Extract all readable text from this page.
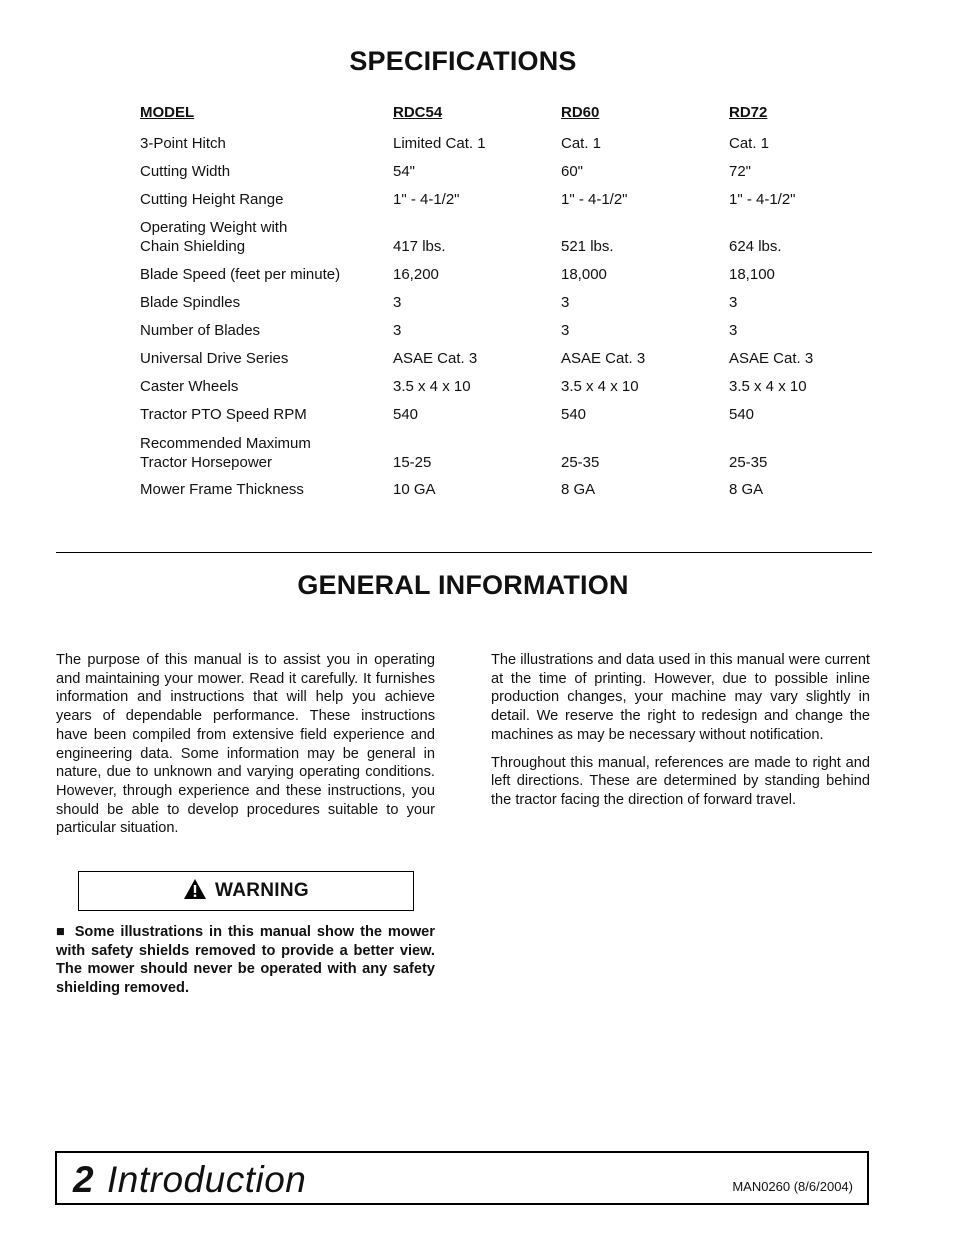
SPECIFICATIONS
MODEL	RDC54	RD60	RD72
3-Point Hitch	Limited Cat. 1	Cat. 1	Cat. 1
Cutting Width	54"	60"	72"
Cutting Height Range	1" - 4-1/2"	1" - 4-1/2"	1" - 4-1/2"
Operating Weight with
Chain Shielding	417 lbs.	521 lbs.	624 lbs.
Blade Speed (feet per minute)	16,200	18,000	18,100
Blade Spindles	3	3	3
Number of Blades	3	3	3
Universal Drive Series	ASAE Cat. 3	ASAE Cat. 3	ASAE Cat. 3
Caster Wheels	3.5 x 4 x 10	3.5 x 4 x 10	3.5 x 4 x 10
Tractor PTO Speed RPM	540	540	540
Recommended Maximum
Tractor Horsepower	15-25	25-35	25-35
Mower Frame Thickness	10 GA	8 GA	8 GA
GENERAL INFORMATION

The purpose of this manual is to assist you in operating and maintaining your mower. Read it carefully. It furnishes information and instructions that will help you achieve years of dependable performance. These instructions have been compiled from extensive field experience and engineering data. Some information may be general in nature, due to unknown and varying operating conditions. However, through experience and these instructions, you should be able to develop procedures suitable to your particular situation.

The illustrations and data used in this manual were current at the time of printing. However, due to possible inline production changes, your machine may vary slightly in detail. We reserve the right to redesign and change the machines as may be necessary without notification.

Throughout this manual, references are made to right and left directions. These are determined by standing behind the tractor facing the direction of forward travel.

WARNING

■ Some illustrations in this manual show the mower with safety shields removed to provide a better view. The mower should never be operated with any safety shielding removed.

2 Introduction	MAN0260 (8/6/2004)
